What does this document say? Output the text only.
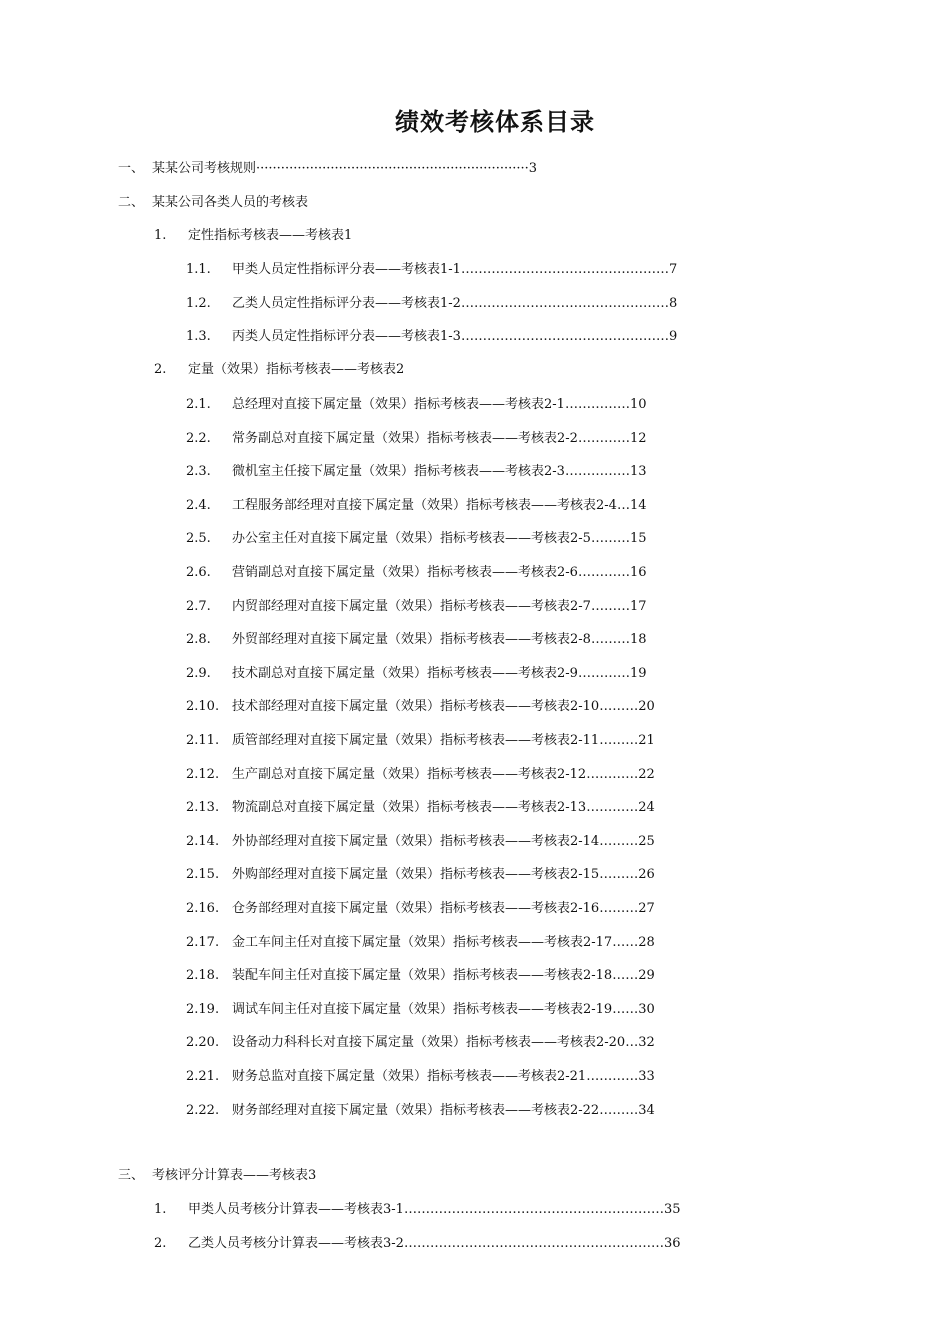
绩效考核体系目录
一、 某某公司考核规则··································································3
二、 某某公司各类人员的考核表
1. 定性指标考核表——考核表1
1.1. 甲类人员定性指标评分表——考核表1-1…………………………………………7
1.2. 乙类人员定性指标评分表——考核表1-2…………………………………………8
1.3. 丙类人员定性指标评分表——考核表1-3…………………………………………9
2. 定量（效果）指标考核表——考核表2
2.1. 总经理对直接下属定量（效果）指标考核表——考核表2-1……………10
2.2. 常务副总对直接下属定量（效果）指标考核表——考核表2-2…………12
2.3. 微机室主任接下属定量（效果）指标考核表——考核表2-3……………13
2.4. 工程服务部经理对直接下属定量（效果）指标考核表——考核表2-4…14
2.5. 办公室主任对直接下属定量（效果）指标考核表——考核表2-5………15
2.6. 营销副总对直接下属定量（效果）指标考核表——考核表2-6…………16
2.7. 内贸部经理对直接下属定量（效果）指标考核表——考核表2-7………17
2.8. 外贸部经理对直接下属定量（效果）指标考核表——考核表2-8………18
2.9. 技术副总对直接下属定量（效果）指标考核表——考核表2-9…………19
2.10. 技术部经理对直接下属定量（效果）指标考核表——考核表2-10………20
2.11. 质管部经理对直接下属定量（效果）指标考核表——考核表2-11………21
2.12. 生产副总对直接下属定量（效果）指标考核表——考核表2-12…………22
2.13. 物流副总对直接下属定量（效果）指标考核表——考核表2-13…………24
2.14. 外协部经理对直接下属定量（效果）指标考核表——考核表2-14………25
2.15. 外购部经理对直接下属定量（效果）指标考核表——考核表2-15………26
2.16. 仓务部经理对直接下属定量（效果）指标考核表——考核表2-16………27
2.17. 金工车间主任对直接下属定量（效果）指标考核表——考核表2-17……28
2.18. 装配车间主任对直接下属定量（效果）指标考核表——考核表2-18……29
2.19. 调试车间主任对直接下属定量（效果）指标考核表——考核表2-19……30
2.20. 设备动力科科长对直接下属定量（效果）指标考核表——考核表2-20…32
2.21. 财务总监对直接下属定量（效果）指标考核表——考核表2-21…………33
2.22. 财务部经理对直接下属定量（效果）指标考核表——考核表2-22………34
三、 考核评分计算表——考核表3
1. 甲类人员考核分计算表——考核表3-1……………………………………………………35
2. 乙类人员考核分计算表——考核表3-2……………………………………………………36
